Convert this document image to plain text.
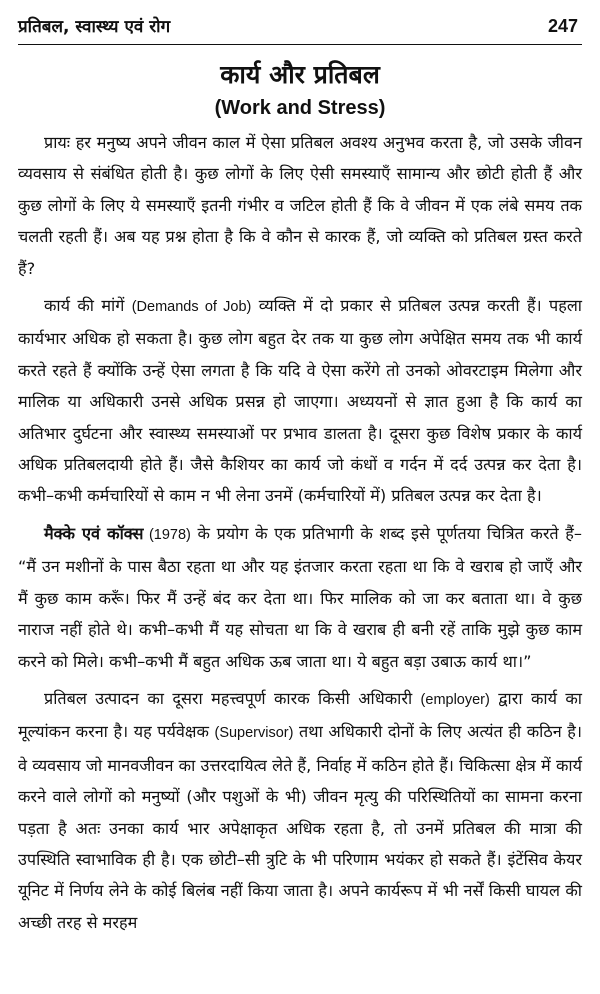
प्रतिबल, स्वास्थ्य एवं रोग	247
कार्य और प्रतिबल
(Work and Stress)

प्रायः हर मनुष्य अपने जीवन काल में ऐसा प्रतिबल अवश्य अनुभव करता है, जो उसके जीवन व्यवसाय से संबंधित होती है। कुछ लोगों के लिए ऐसी समस्याएँ सामान्य और छोटी होती हैं और कुछ लोगों के लिए ये समस्याएँ इतनी गंभीर व जटिल होती हैं कि वे जीवन में एक लंबे समय तक चलती रहती हैं। अब यह प्रश्न होता है कि वे कौन से कारक हैं, जो व्यक्ति को प्रतिबल ग्रस्त करते हैं?

कार्य की मांगें (Demands of Job) व्यक्ति में दो प्रकार से प्रतिबल उत्पन्न करती हैं। पहला कार्यभार अधिक हो सकता है। कुछ लोग बहुत देर तक या कुछ लोग अपेक्षित समय तक भी कार्य करते रहते हैं क्योंकि उन्हें ऐसा लगता है कि यदि वे ऐसा करेंगे तो उनको ओवरटाइम मिलेगा और मालिक या अधिकारी उनसे अधिक प्रसन्न हो जाएगा। अध्ययनों से ज्ञात हुआ है कि कार्य का अतिभार दुर्घटना और स्वास्थ्य समस्याओं पर प्रभाव डालता है। दूसरा कुछ विशेष प्रकार के कार्य अधिक प्रतिबलदायी होते हैं। जैसे कैशियर का कार्य जो कंधों व गर्दन में दर्द उत्पन्न कर देता है। कभी–कभी कर्मचारियों से काम न भी लेना उनमें (कर्मचारियों में) प्रतिबल उत्पन्न कर देता है।

मैक्के एवं कॉक्स (1978) के प्रयोग के एक प्रतिभागी के शब्द इसे पूर्णतया चित्रित करते हैं– “मैं उन मशीनों के पास बैठा रहता था और यह इंतजार करता रहता था कि वे खराब हो जाएँ और मैं कुछ काम करूँ। फिर मैं उन्हें बंद कर देता था। फिर मालिक को जा कर बताता था। वे कुछ नाराज नहीं होते थे। कभी–कभी मैं यह सोचता था कि वे खराब ही बनी रहें ताकि मुझे कुछ काम करने को मिले। कभी–कभी मैं बहुत अधिक ऊब जाता था। ये बहुत बड़ा उबाऊ कार्य था।”

प्रतिबल उत्पादन का दूसरा महत्त्वपूर्ण कारक किसी अधिकारी (employer) द्वारा कार्य का मूल्यांकन करना है। यह पर्यवेक्षक (Supervisor) तथा अधिकारी दोनों के लिए अत्यंत ही कठिन है। वे व्यवसाय जो मानवजीवन का उत्तरदायित्व लेते हैं, निर्वाह में कठिन होते हैं। चिकित्सा क्षेत्र में कार्य करने वाले लोगों को मनुष्यों (और पशुओं के भी) जीवन मृत्यु की परिस्थितियों का सामना करना पड़ता है अतः उनका कार्य भार अपेक्षाकृत अधिक रहता है, तो उनमें प्रतिबल की मात्रा की उपस्थिति स्वाभाविक ही है। एक छोटी–सी त्रुटि के भी परिणाम भयंकर हो सकते हैं। इंटेंसिव केयर यूनिट में निर्णय लेने के कोई बिलंब नहीं किया जाता है। अपने कार्यरूप में भी नर्सें किसी घायल की अच्छी तरह से मरहम
